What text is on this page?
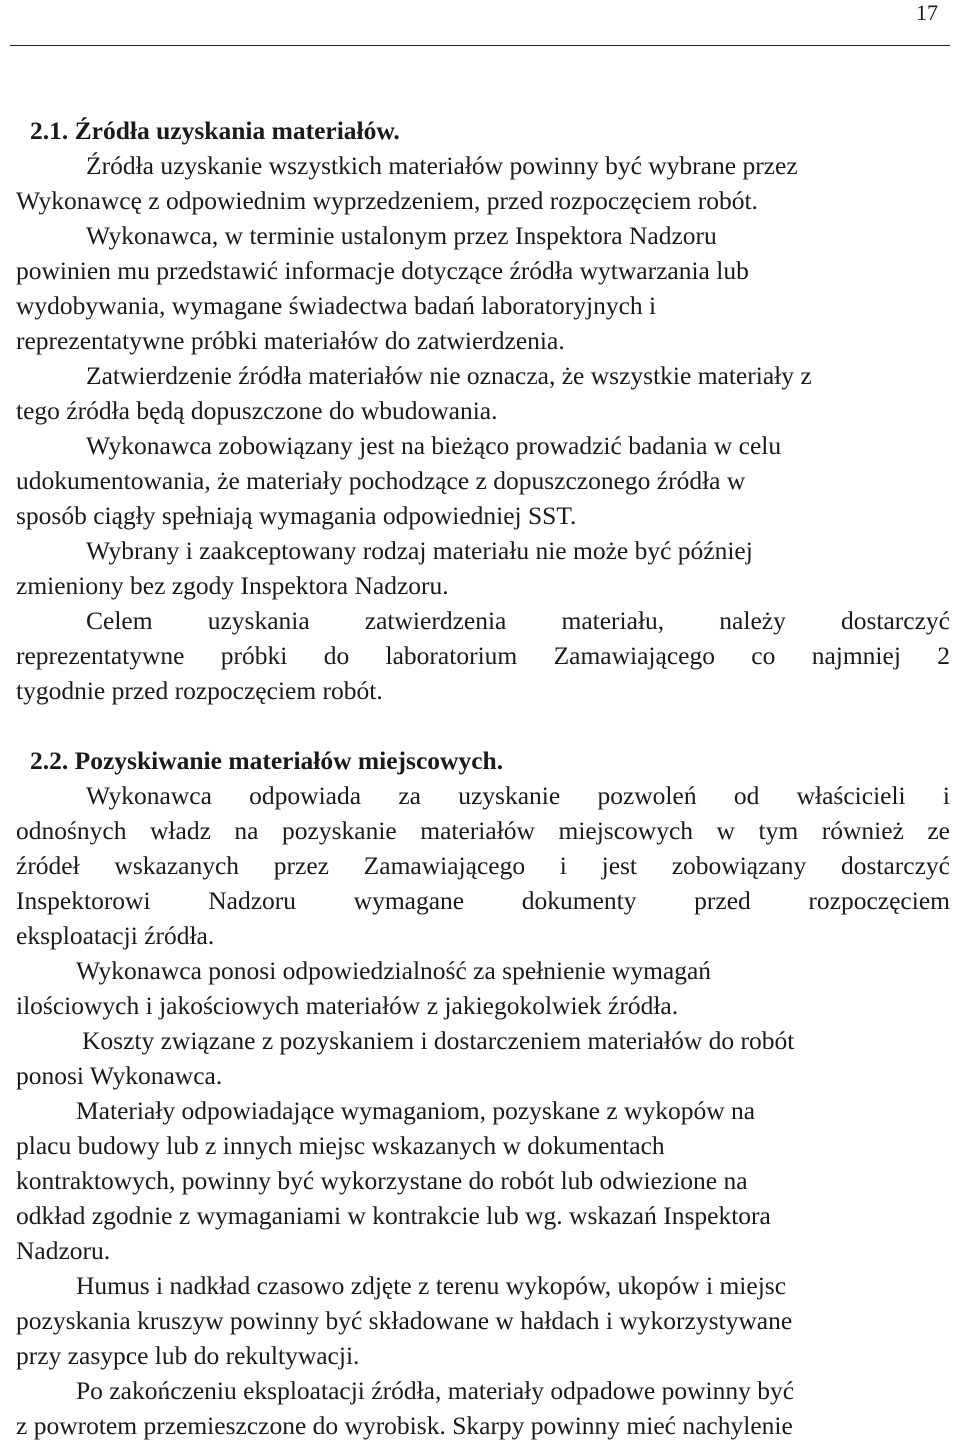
17
2.1. Źródła uzyskania materiałów.

Źródła uzyskanie wszystkich materiałów powinny być wybrane przez
Wykonawcę z odpowiednim wyprzedzeniem, przed rozpoczęciem robót.

Wykonawca, w terminie ustalonym przez Inspektora Nadzoru
powinien mu przedstawić informacje dotyczące źródła wytwarzania lub
wydobywania, wymagane świadectwa badań laboratoryjnych i
reprezentatywne próbki materiałów do zatwierdzenia.

Zatwierdzenie źródła materiałów nie oznacza, że wszystkie materiały z
tego źródła będą dopuszczone do wbudowania.

Wykonawca zobowiązany jest na bieżąco prowadzić badania w celu
udokumentowania, że materiały pochodzące z dopuszczonego źródła w
sposób ciągły spełniają wymagania odpowiedniej SST.

Wybrany i zaakceptowany rodzaj materiału nie może być później
zmieniony bez zgody Inspektora Nadzoru.

Celem uzyskania zatwierdzenia materiału, należy dostarczyć
reprezentatywne próbki do laboratorium Zamawiającego co najmniej 2
tygodnie przed rozpoczęciem robót.
2.2. Pozyskiwanie materiałów miejscowych.
Wykonawca odpowiada za uzyskanie pozwoleń od właścicieli i
odnośnych władz na pozyskanie materiałów miejscowych w tym również ze
źródeł wskazanych przez Zamawiającego i jest zobowiązany dostarczyć
Inspektorowi Nadzoru wymagane dokumenty przed rozpoczęciem
eksploatacji źródła.

Wykonawca ponosi odpowiedzialność za spełnienie wymagań
ilościowych i jakościowych materiałów z jakiegokolwiek źródła.

Koszty związane z pozyskaniem i dostarczeniem materiałów do robót
ponosi Wykonawca.

Materiały odpowiadające wymaganiom, pozyskane z wykopów na
placu budowy lub z innych miejsc wskazanych w dokumentach
kontraktowych, powinny być wykorzystane do robót lub odwiezione na
odkład zgodnie z wymaganiami w kontrakcie lub wg. wskazań Inspektora
Nadzoru.

Humus i nadkład czasowo zdjęte z terenu wykopów, ukopów i miejsc
pozyskania kruszyw powinny być składowane w hałdach i wykorzystywane
przy zasypce lub do rekultywacji.

Po zakończeniu eksploatacji źródła, materiały odpadowe powinny być
z powrotem przemieszczone do wyrobisk. Skarpy powinny mieć nachylenie
